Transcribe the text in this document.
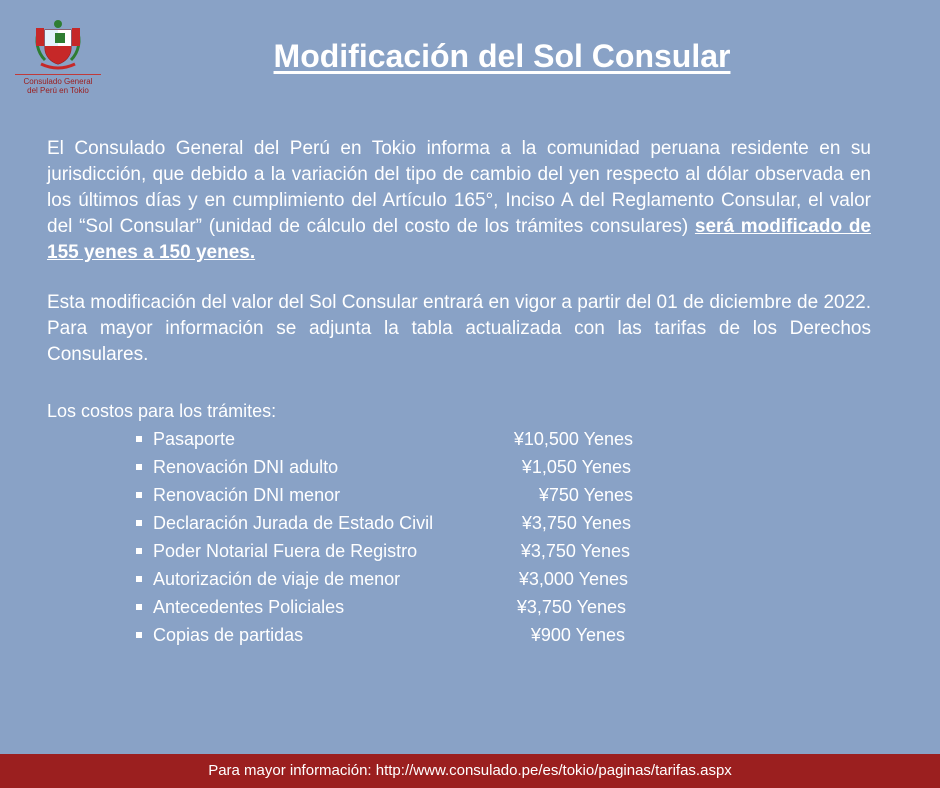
Consulado General
del Perú en Tokio
Modificación del Sol Consular

El Consulado General del Perú en Tokio informa a la comunidad peruana residente en su jurisdicción, que debido a la variación del tipo de cambio del yen respecto al dólar observada en los últimos días y en cumplimiento del Artículo 165°, Inciso A del Reglamento Consular, el valor del “Sol Consular” (unidad de cálculo del costo de los trámites consulares) será modificado de 155 yenes a 150 yenes.

Esta modificación del valor del Sol Consular entrará en vigor a partir del 01 de diciembre de 2022. Para mayor información se adjunta la tabla actualizada con las tarifas de los Derechos Consulares.

Los costos para los trámites:

Pasaporte	¥10,500 Yenes
Renovación DNI adulto	¥1,050 Yenes
Renovación DNI menor	¥750 Yenes
Declaración Jurada de Estado Civil	¥3,750 Yenes
Poder Notarial Fuera de Registro	¥3,750 Yenes
Autorización de viaje de menor	¥3,000 Yenes
Antecedentes Policiales	¥3,750 Yenes
Copias de partidas	¥900 Yenes
Para mayor información: http://www.consulado.pe/es/tokio/paginas/tarifas.aspx
